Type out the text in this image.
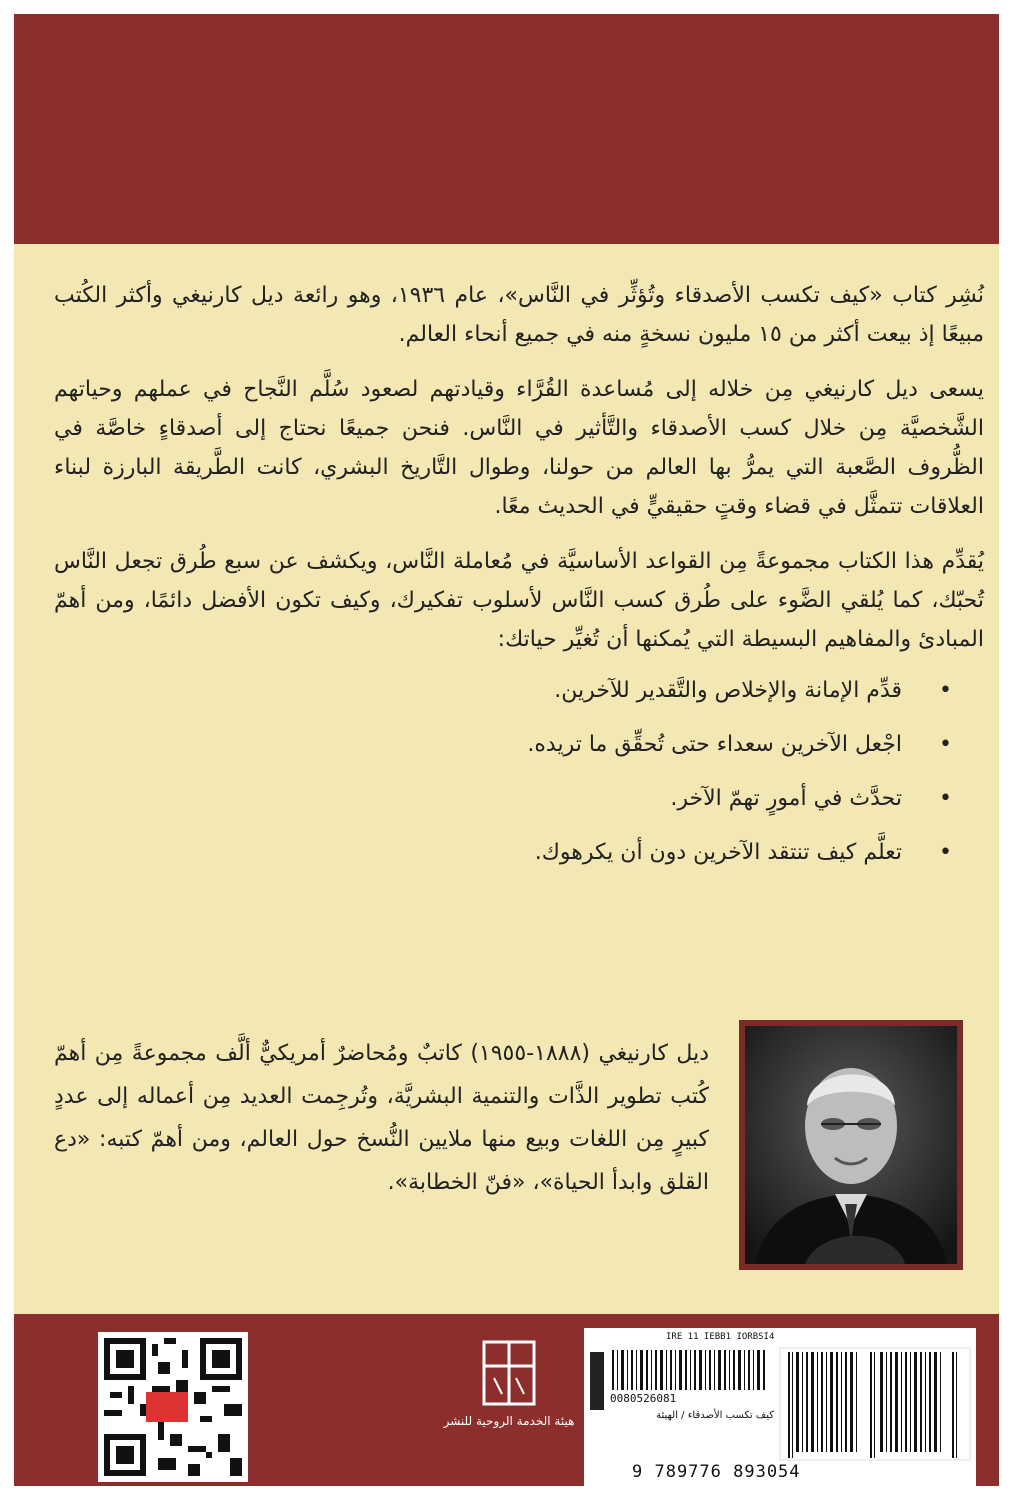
نُشِر كتاب «كيف تكسب الأصدقاء وتُؤثِّر في النَّاس»، عام ١٩٣٦، وهو رائعة ديل كارنيغي وأكثر الكُتب مبيعًا إذ بيعت أكثر من ١٥ مليون نسخةٍ منه في جميع أنحاء العالم.

يسعى ديل كارنيغي مِن خلاله إلى مُساعدة القُرَّاء وقيادتهم لصعود سُلَّم النَّجاح في عملهم وحياتهم الشَّخصيَّة مِن خلال كسب الأصدقاء والتَّأثير في النَّاس. فنحن جميعًا نحتاج إلى أصدقاءٍ خاصَّة في الظُّروف الصَّعبة التي يمرُّ بها العالم من حولنا، وطوال التَّاريخ البشري، كانت الطَّريقة البارزة لبناء العلاقات تتمثَّل في قضاء وقتٍ حقيقيٍّ في الحديث معًا.

يُقدِّم هذا الكتاب مجموعةً مِن القواعد الأساسيَّة في مُعاملة النَّاس، ويكشف عن سبع طُرق تجعل النَّاس تُحبّك، كما يُلقي الضَّوء على طُرق كسب النَّاس لأسلوب تفكيرك، وكيف تكون الأفضل دائمًا، ومن أهمّ المبادئ والمفاهيم البسيطة التي يُمكنها أن تُغيِّر حياتك:

• قدِّم الإمانة والإخلاص والتَّقدير للآخرين.
• اجْعل الآخرين سعداء حتى تُحقِّق ما تريده.
• تحدَّث في أمورٍ تهمّ الآخر.
• تعلَّم كيف تنتقد الآخرين دون أن يكرهوك.
ديل كارنيغي (١٨٨٨-١٩٥٥) كاتبٌ ومُحاضرٌ أمريكيٌّ ألَّف مجموعةً مِن أهمّ كُتب تطوير الذَّات والتنمية البشريَّة، وتُرجِمت العديد مِن أعماله إلى عددٍ كبيرٍ مِن اللغات وبيع منها ملايين النُّسخ حول العالم، ومن أهمّ كتبه: «دع القلق وابدأ الحياة»، «فنّ الخطابة».
هيئة الخدمة الروحية للنشر
IRE 11 IEBB1 IORBSI4
0080526081
كيف تكسب الأصدقاء / الهيئة
9 789776 893054
